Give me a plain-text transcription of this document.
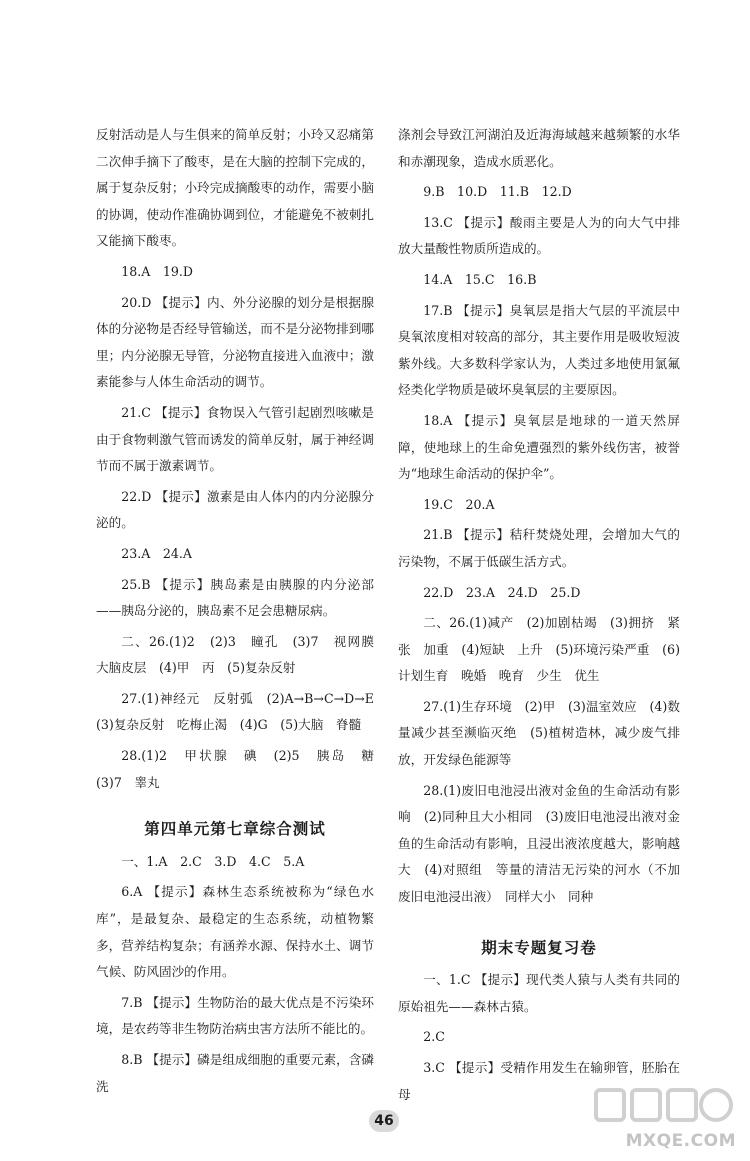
反射活动是人与生俱来的简单反射；小玲又忍痛第二次伸手摘下了酸枣，是在大脑的控制下完成的，属于复杂反射；小玲完成摘酸枣的动作，需要小脑的协调，使动作准确协调到位，才能避免不被刺扎又能摘下酸枣。

18.A　19.D

20.D 【提示】内、外分泌腺的划分是根据腺体的分泌物是否经导管输送，而不是分泌物排到哪里；内分泌腺无导管，分泌物直接进入血液中；激素能参与人体生命活动的调节。

21.C 【提示】食物误入气管引起剧烈咳嗽是由于食物刺激气管而诱发的简单反射，属于神经调节而不属于激素调节。

22.D 【提示】激素是由人体内的内分泌腺分泌的。

23.A　24.A

25.B 【提示】胰岛素是由胰腺的内分泌部——胰岛分泌的，胰岛素不足会患糖尿病。

二、26.(1)2　(2)3　瞳孔　(3)7　视网膜　大脑皮层　(4)甲　丙　(5)复杂反射

27.(1)神经元　反射弧　(2)A→B→C→D→E　(3)复杂反射　吃梅止渴　(4)G　(5)大脑　脊髓

28.(1)2　甲状腺　碘　(2)5　胰岛　糖　(3)7　睾丸

第四单元第七章综合测试

一、1.A　2.C　3.D　4.C　5.A

6.A 【提示】森林生态系统被称为“绿色水库”，是最复杂、最稳定的生态系统，动植物繁多，营养结构复杂；有涵养水源、保持水土、调节气候、防风固沙的作用。

7.B 【提示】生物防治的最大优点是不污染环境，是农药等非生物防治病虫害方法所不能比的。

8.B 【提示】磷是组成细胞的重要元素，含磷洗

涤剂会导致江河湖泊及近海海域越来越频繁的水华和赤潮现象，造成水质恶化。

9.B　10.D　11.B　12.D

13.C 【提示】酸雨主要是人为的向大气中排放大量酸性物质所造成的。

14.A　15.C　16.B

17.B 【提示】臭氧层是指大气层的平流层中臭氧浓度相对较高的部分，其主要作用是吸收短波紫外线。大多数科学家认为，人类过多地使用氯氟烃类化学物质是破坏臭氧层的主要原因。

18.A 【提示】臭氧层是地球的一道天然屏障，使地球上的生命免遭强烈的紫外线伤害，被誉为“地球生命活动的保护伞”。

19.C　20.A

21.B 【提示】秸秆焚烧处理，会增加大气的污染物，不属于低碳生活方式。

22.D　23.A　24.D　25.D

二、26.(1)减产　(2)加剧枯竭　(3)拥挤　紧张　加重　(4)短缺　上升　(5)环境污染严重　(6)计划生育　晚婚　晚育　少生　优生

27.(1)生存环境　(2)甲　(3)温室效应　(4)数量减少甚至濒临灭绝　(5)植树造林，减少废气排放，开发绿色能源等

28.(1)废旧电池浸出液对金鱼的生命活动有影响　(2)同种且大小相同　(3)废旧电池浸出液对金鱼的生命活动有影响，且浸出液浓度越大，影响越大　(4)对照组　等量的清洁无污染的河水（不加废旧电池浸出液）　同样大小　同种

期末专题复习卷

一、1.C 【提示】现代类人猿与人类有共同的原始祖先——森林古猿。

2.C

3.C 【提示】受精作用发生在输卵管，胚胎在母

46
MXQE.COM
